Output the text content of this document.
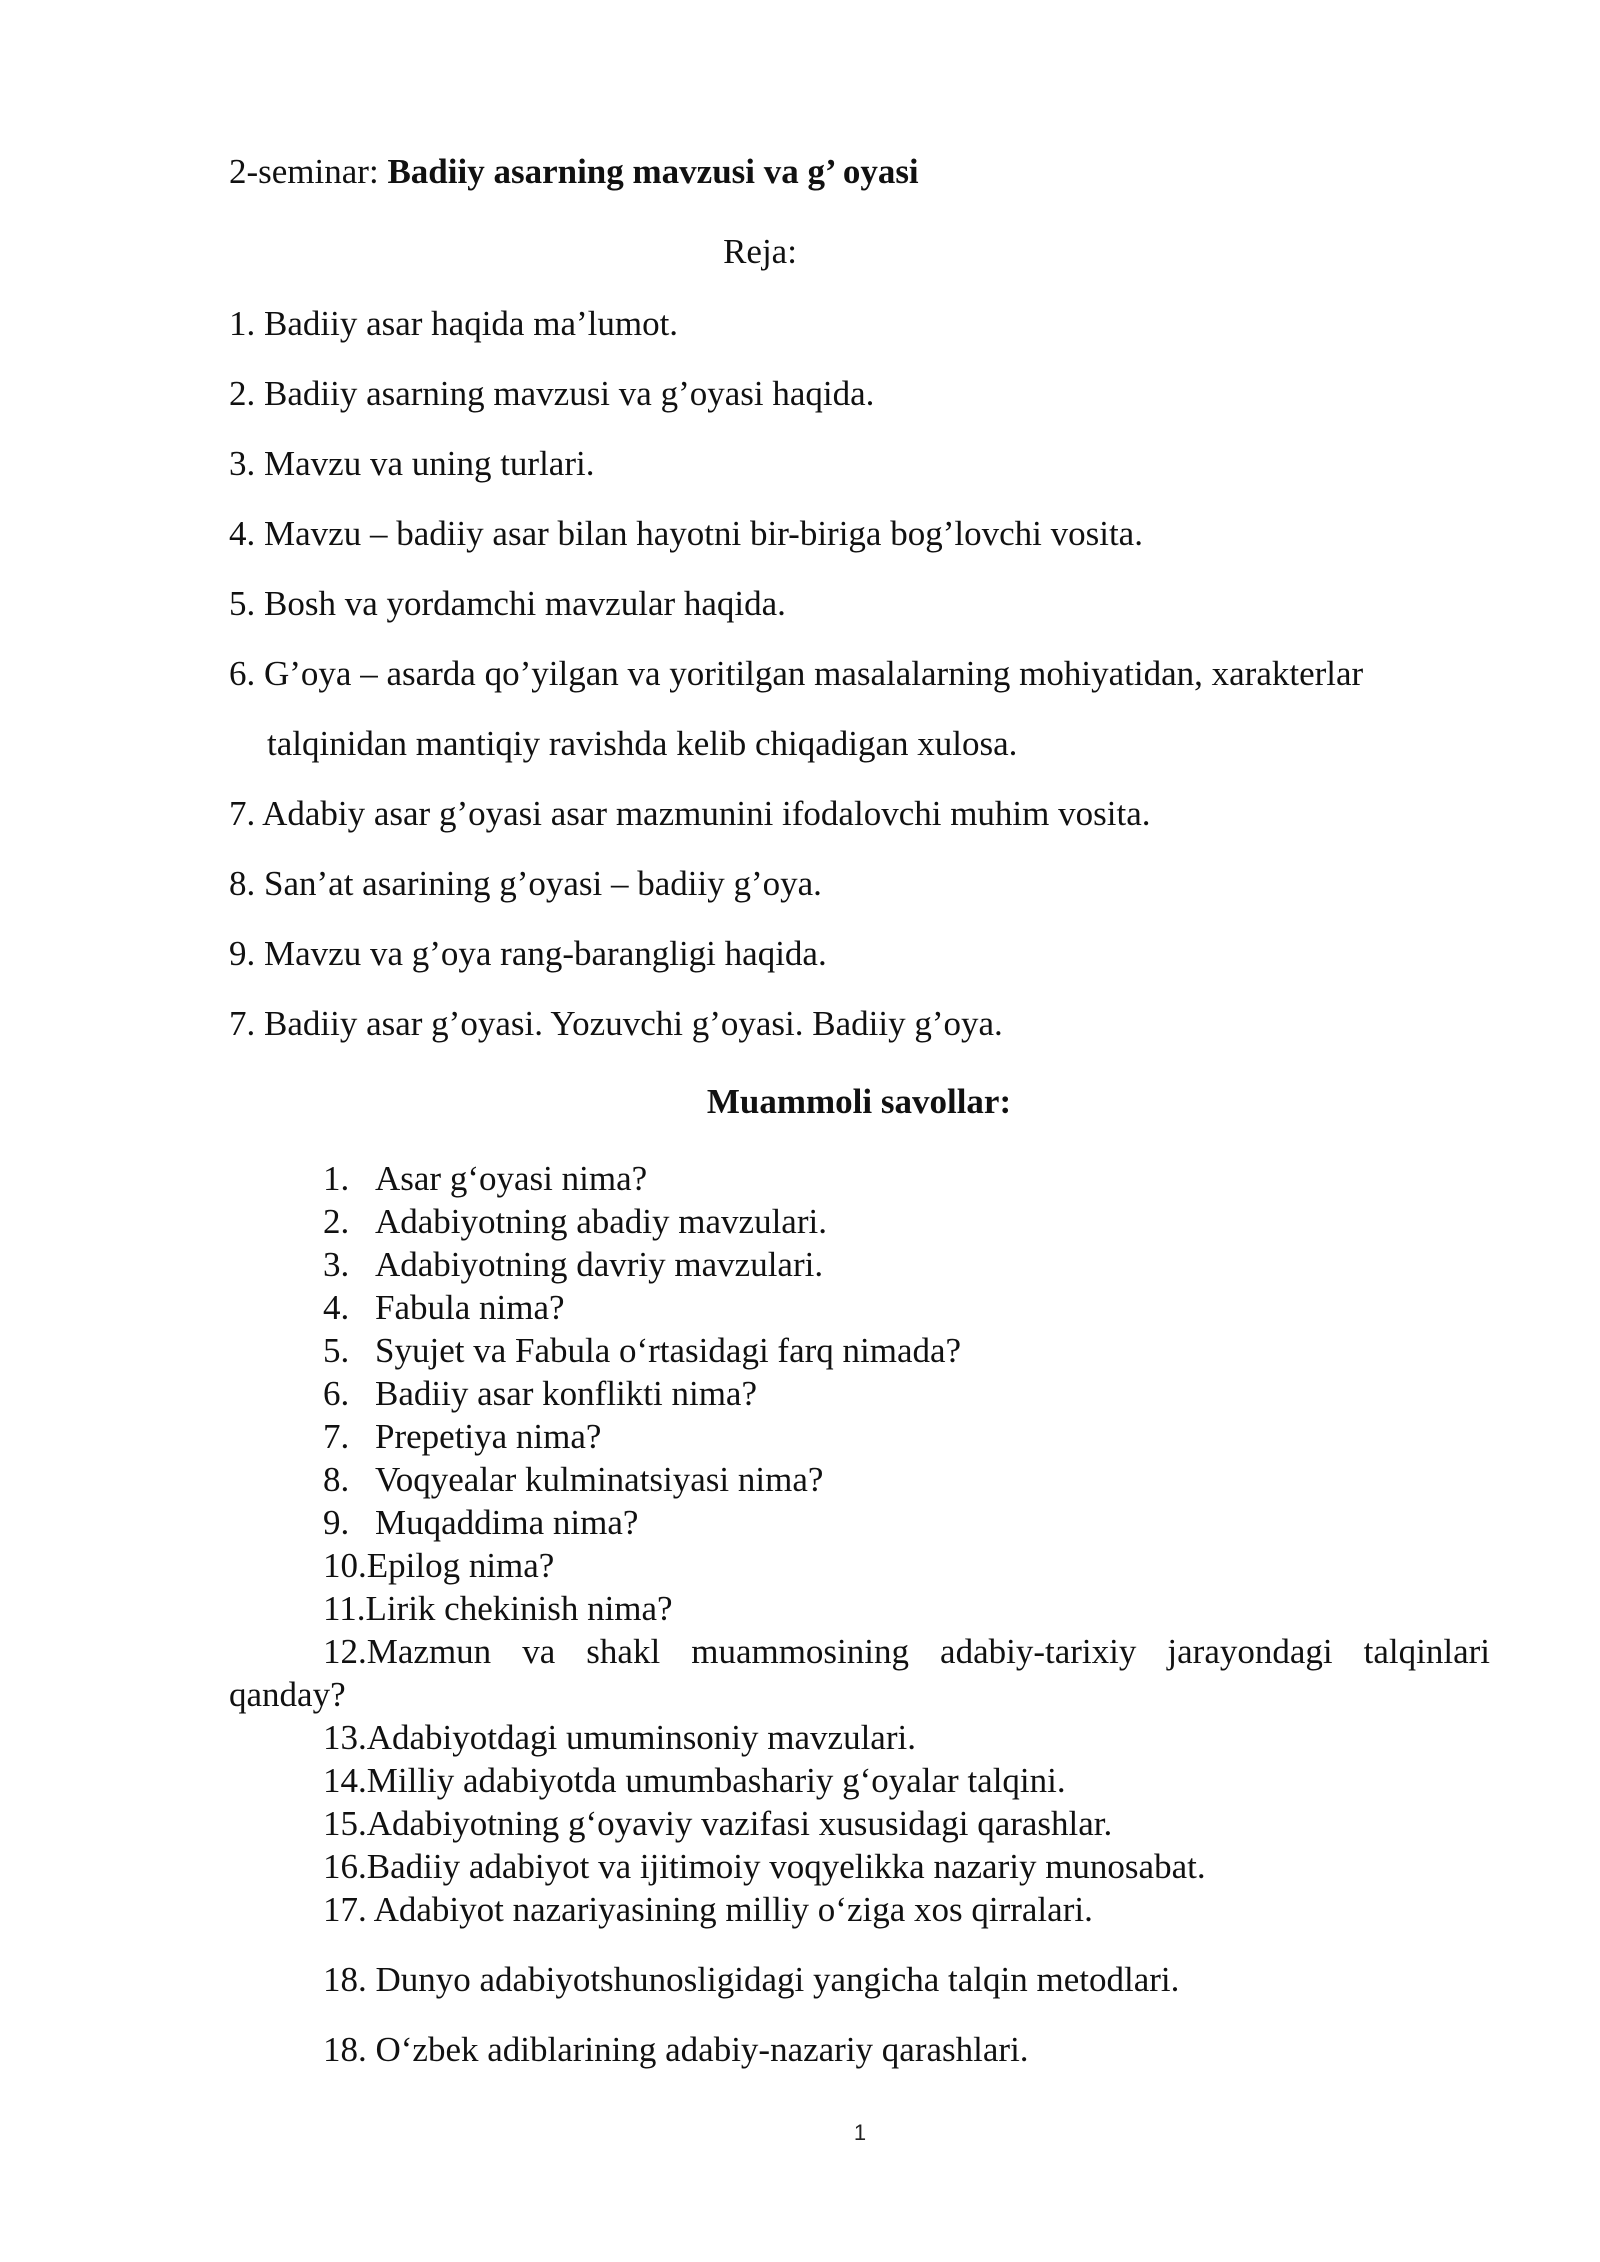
2-seminar: Badiiy asarning mavzusi va g’ oyasi
Reja:
1. Badiiy asar haqida ma’lumot.
2. Badiiy asarning mavzusi va g’oyasi haqida.
3. Mavzu va uning turlari.
4. Mavzu – badiiy asar bilan hayotni bir-biriga bog’lovchi vosita.
5. Bosh va yordamchi mavzular haqida.
6. G’oya – asarda qo’yilgan va yoritilgan masalalarning mohiyatidan, xarakterlar
talqinidan mantiqiy ravishda kelib chiqadigan xulosa.
7. Adabiy asar g’oyasi asar mazmunini ifodalovchi muhim vosita.
8. San’at asarining g’oyasi – badiiy g’oya.
9. Mavzu va g’oya rang-barangligi haqida.
7. Badiiy asar g’oyasi. Yozuvchi g’oyasi. Badiiy g’oya.
Muammoli savollar:
1. Asar g‘oyasi nima?
2. Adabiyotning abadiy mavzulari.
3. Adabiyotning davriy mavzulari.
4. Fabula nima?
5. Syujet va Fabula o‘rtasidagi farq nimada?
6. Badiiy asar konflikti nima?
7. Prepetiya nima?
8. Voqyealar kulminatsiyasi nima?
9. Muqaddima nima?
10.Epilog nima?
11.Lirik chekinish nima?
12.Mazmun va shakl muammosining adabiy-tarixiy jarayondagi talqinlari
qanday?
13.Adabiyotdagi umuminsoniy mavzulari.
14.Milliy adabiyotda umumbashariy g‘oyalar talqini.
15.Adabiyotning g‘oyaviy vazifasi xususidagi qarashlar.
16.Badiiy adabiyot va ijitimoiy voqyelikka nazariy munosabat.
17. Adabiyot nazariyasining milliy o‘ziga xos qirralari.
18. Dunyo adabiyotshunosligidagi yangicha talqin metodlari.
18. O‘zbek adiblarining adabiy-nazariy qarashlari.
1
